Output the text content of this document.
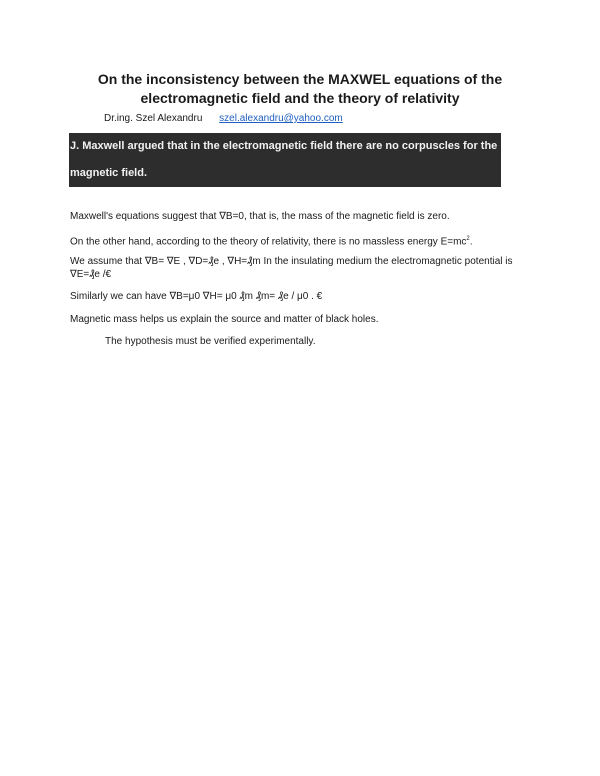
On the inconsistency between the MAXWEL equations of the electromagnetic field and the theory of relativity
Dr.ing. Szel Alexandru szel.alexandru@yahoo.com
J. Maxwell argued that in the electromagnetic field there are no corpuscles for the magnetic field.
Maxwell's equations suggest that ∇B=0, that is, the mass of the magnetic field is zero.
On the other hand, according to the theory of relativity, there is no massless energy $E=mc^2$.
We assume that ∇B= ∇E , ∇D=₰e , ∇H=₰m In the insulating medium the electromagnetic potential is ∇E=₰e /€
Similarly we can have ∇B=μ0 ∇H= μ0 ₰m ₰m= ₰e / μ0 . €
Magnetic mass helps us explain the source and matter of black holes.
The hypothesis must be verified experimentally.
